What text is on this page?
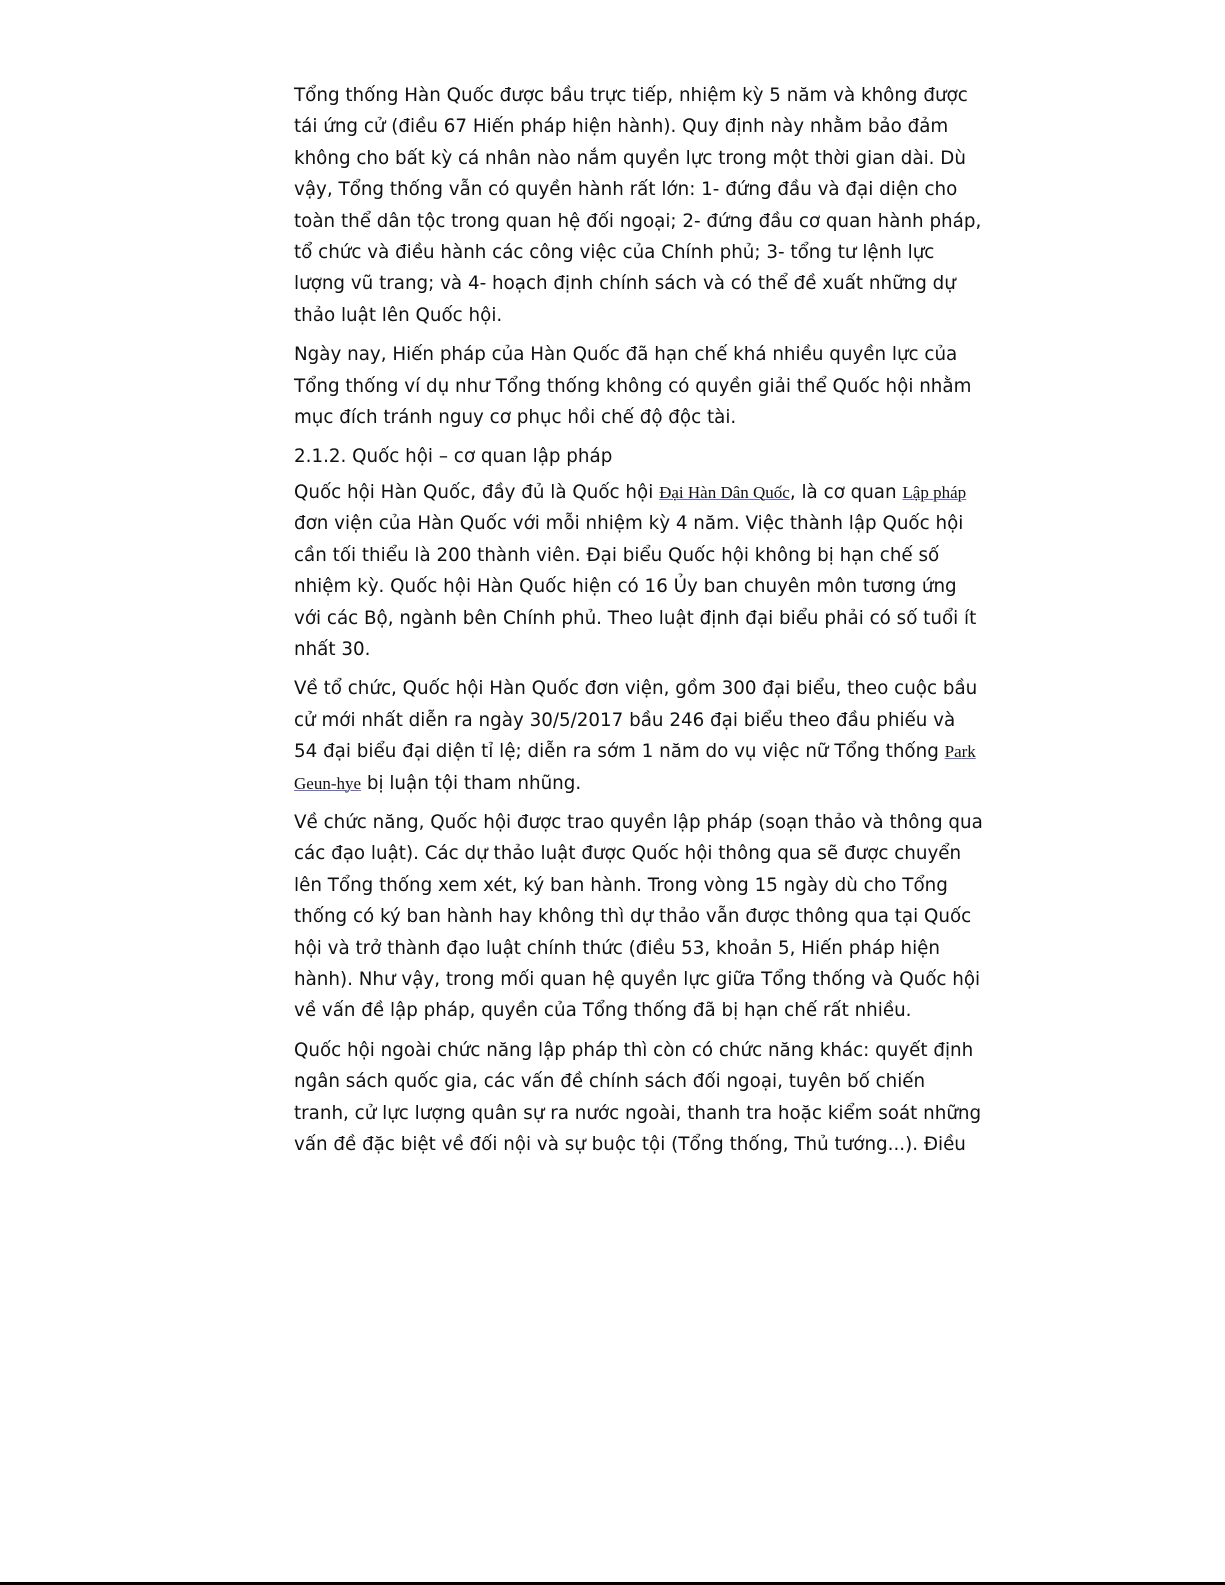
Tổng thống Hàn Quốc được bầu trực tiếp, nhiệm kỳ 5 năm và không được tái ứng cử (điều 67 Hiến pháp hiện hành). Quy định này nhằm bảo đảm không cho bất kỳ cá nhân nào nắm quyền lực trong một thời gian dài. Dù vậy, Tổng thống vẫn có quyền hành rất lớn: 1- đứng đầu và đại diện cho toàn thể dân tộc trong quan hệ đối ngoại; 2- đứng đầu cơ quan hành pháp, tổ chức và điều hành các công việc của Chính phủ; 3- tổng tư lệnh lực lượng vũ trang; và 4- hoạch định chính sách và có thể đề xuất những dự thảo luật lên Quốc hội.

Ngày nay, Hiến pháp của Hàn Quốc đã hạn chế khá nhiều quyền lực của Tổng thống ví dụ như Tổng thống không có quyền giải thể Quốc hội nhằm mục đích tránh nguy cơ phục hồi chế độ độc tài.

2.1.2. Quốc hội – cơ quan lập pháp

Quốc hội Hàn Quốc, đầy đủ là Quốc hội Đại Hàn Dân Quốc, là cơ quan Lập pháp đơn viện của Hàn Quốc với mỗi nhiệm kỳ 4 năm. Việc thành lập Quốc hội cần tối thiểu là 200 thành viên. Đại biểu Quốc hội không bị hạn chế số nhiệm kỳ. Quốc hội Hàn Quốc hiện có 16 Ủy ban chuyên môn tương ứng với các Bộ, ngành bên Chính phủ. Theo luật định đại biểu phải có số tuổi ít nhất 30.

Về tổ chức, Quốc hội Hàn Quốc đơn viện, gồm 300 đại biểu, theo cuộc bầu cử mới nhất diễn ra ngày 30/5/2017 bầu 246 đại biểu theo đầu phiếu và 54 đại biểu đại diện tỉ lệ; diễn ra sớm 1 năm do vụ việc nữ Tổng thống Park Geun-hye bị luận tội tham nhũng.

Về chức năng, Quốc hội được trao quyền lập pháp (soạn thảo và thông qua các đạo luật). Các dự thảo luật được Quốc hội thông qua sẽ được chuyển lên Tổng thống xem xét, ký ban hành. Trong vòng 15 ngày dù cho Tổng thống có ký ban hành hay không thì dự thảo vẫn được thông qua tại Quốc hội và trở thành đạo luật chính thức (điều 53, khoản 5, Hiến pháp hiện hành). Như vậy, trong mối quan hệ quyền lực giữa Tổng thống và Quốc hội về vấn đề lập pháp, quyền của Tổng thống đã bị hạn chế rất nhiều.

Quốc hội ngoài chức năng lập pháp thì còn có chức năng khác: quyết định ngân sách quốc gia, các vấn đề chính sách đối ngoại, tuyên bố chiến tranh, cử lực lượng quân sự ra nước ngoài, thanh tra hoặc kiểm soát những vấn đề đặc biệt về đối nội và sự buộc tội (Tổng thống, Thủ tướng...). Điều
